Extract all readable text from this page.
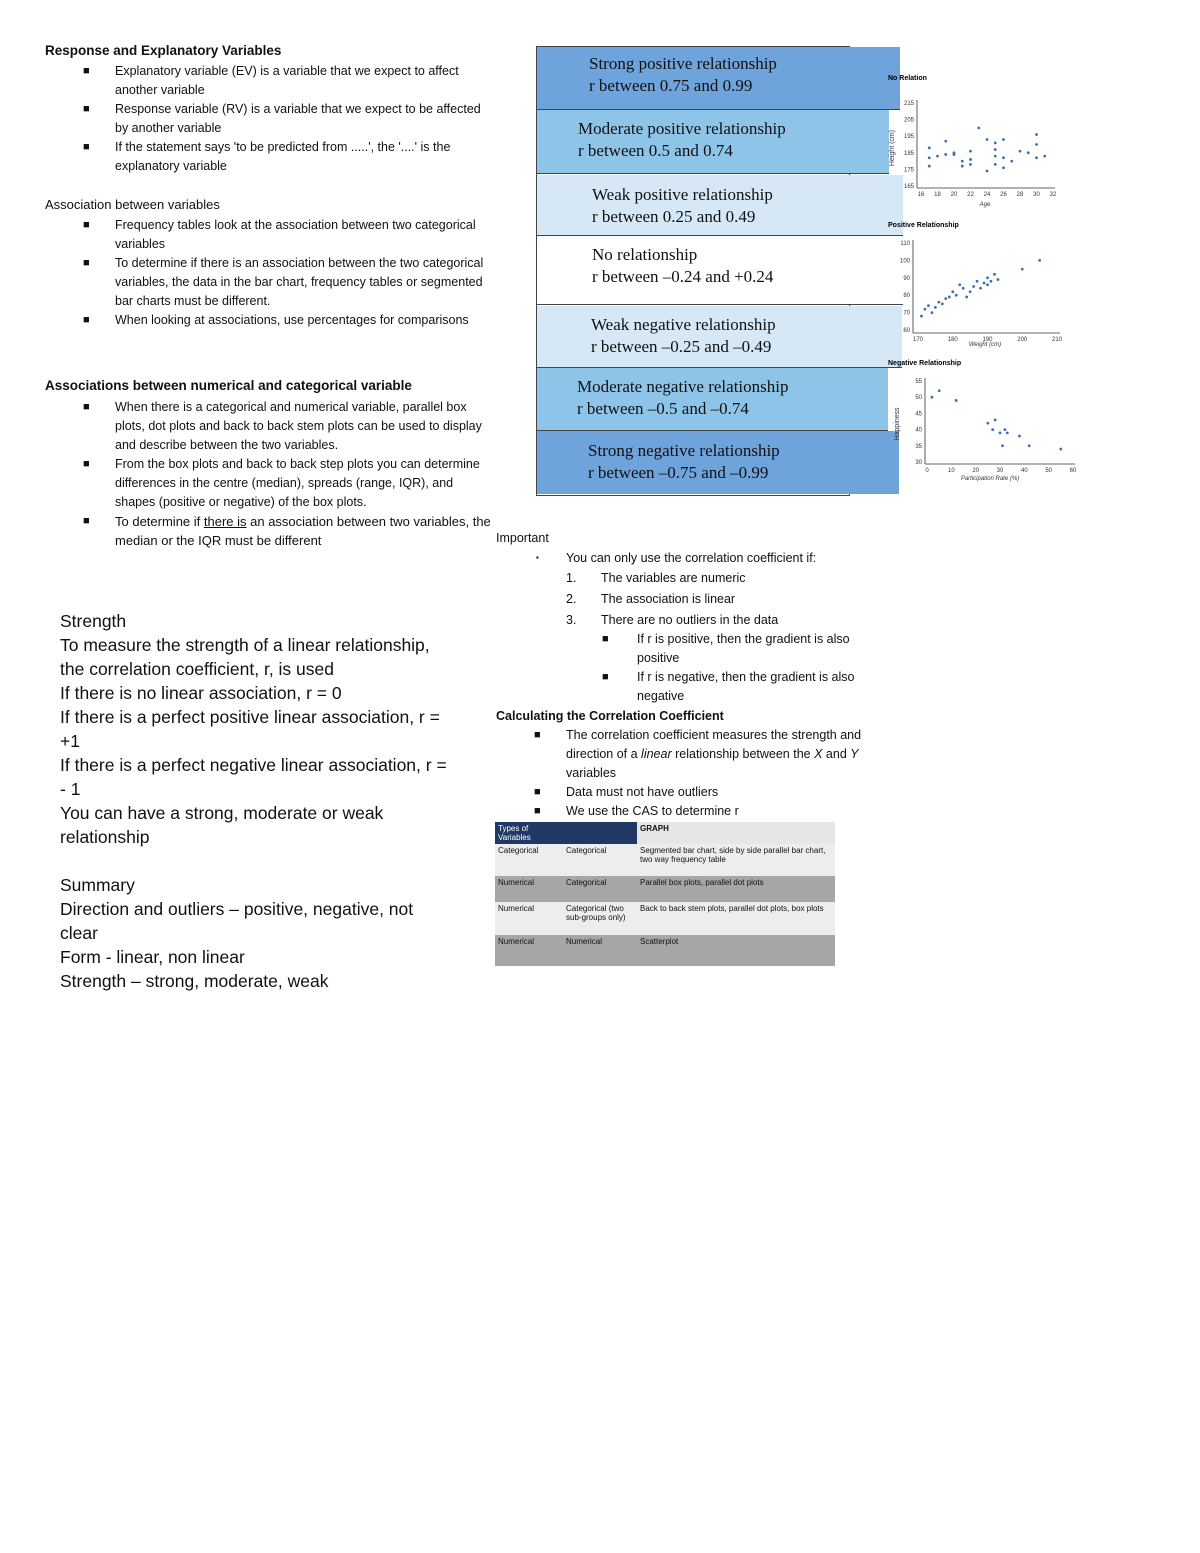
Response and Explanatory Variables
■ Explanatory variable (EV) is a variable that we expect to affect another variable
■ Response variable (RV) is a variable that we expect to be affected by another variable
■ If the statement says 'to be predicted from .....', the '....' is the explanatory variable
Association between variables
■ Frequency tables look at the association between two categorical variables
■ To determine if there is an association between the two categorical variables, the data in the bar chart, frequency tables or segmented bar charts must be different.
■ When looking at associations, use percentages for comparisons
Associations between numerical and categorical variable
■ When there is a categorical and numerical variable, parallel box plots, dot plots and back to back stem plots can be used to display and describe between the two variables.
■ From the box plots and back to back step plots you can determine differences in the centre (median), spreads (range, IQR), and shapes (positive or negative) of the box plots.
■ To determine if there is an association between two variables, the median or the IQR must be different
Strength
To measure the strength of a linear relationship,
the correlation coefficient, r, is used
If there is no linear association, r = 0
If there is a perfect positive linear association, r =
+1
If there is a perfect negative linear association, r =
- 1
You can have a strong, moderate or weak
relationship
Summary
Direction and outliers – positive, negative, not
clear
Form - linear, non linear
Strength – strong, moderate, weak
Strong positive relationship
r between 0.75 and 0.99
Moderate positive relationship
r between 0.5 and 0.74
Weak positive relationship
r between 0.25 and 0.49
No relationship
r between –0.24 and +0.24
Weak negative relationship
r between –0.25 and –0.49
Moderate negative relationship
r between –0.5 and –0.74
Strong negative relationship
r between –0.75 and –0.99
No Relation
Height (cm)
Age
215
205
195
185
175
165
16 18 20 22 24 26 28 30 32
Positive Relationship
Weight (cm)
110
100
90
80
70
60
170	180	190	200	210
Negative Relationship
Happiness
Participation Rate (%)
55
50
45
40
35
30
0	10	20	30	40	50	60
Important
▪ You can only use the correlation coefficient if:
1. The variables are numeric
2. The association is linear
3. There are no outliers in the data
■ If r is positive, then the gradient is also positive
■ If r is negative, then the gradient is also negative
Calculating the Correlation Coefficient
■ The correlation coefficient measures the strength and direction of a linear relationship between the X and Y variables
■ Data must not have outliers
■ We use the CAS to determine r
Types of Variables		GRAPH
Categorical	Categorical	Segmented bar chart, side by side parallel bar chart, two way frequency table
Numerical	Categorical	Parallel box plots, parallel dot plots
Numerical	Categorical (two sub-groups only)	Back to back stem plots, parallel dot plots, box plots
Numerical	Numerical	Scatterplot
